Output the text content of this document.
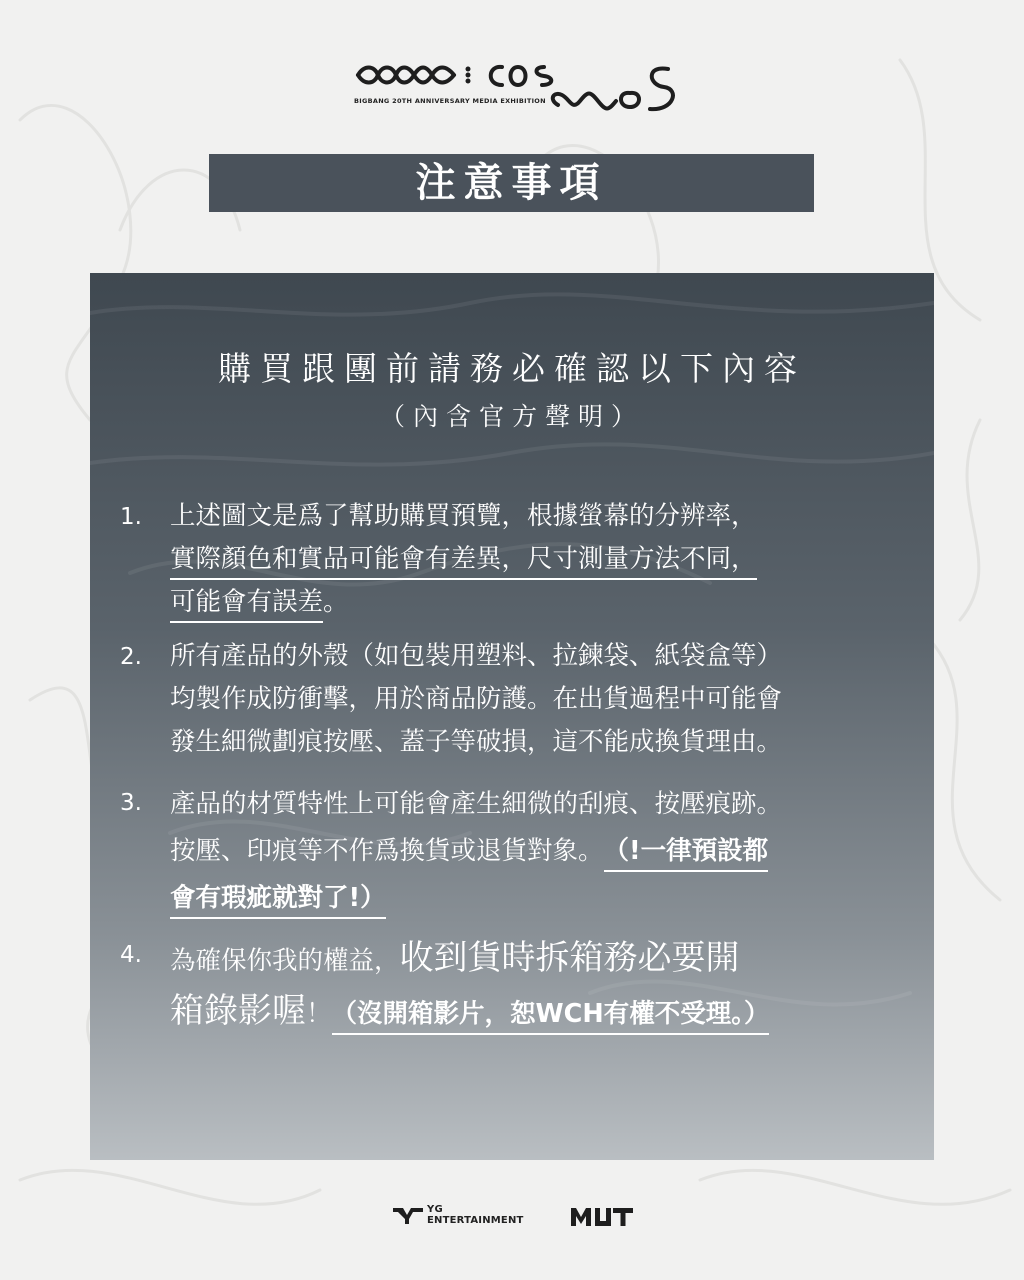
BIGBANG 20TH ANNIVERSARY MEDIA EXHIBITION
注意事項
購買跟團前請務必確認以下內容
（內含官方聲明）
1. 上述圖文是爲了幫助購買預覽，根據螢幕的分辨率，
實際顏色和實品可能會有差異，尺寸測量方法不同，
可能會有誤差。
2. 所有產品的外殼（如包裝用塑料、拉鍊袋、紙袋盒等）
均製作成防衝擊，用於商品防護。在出貨過程中可能會
發生細微劃痕按壓、蓋子等破損，這不能成換貨理由。
3. 產品的材質特性上可能會產生細微的刮痕、按壓痕跡。
按壓、印痕等不作爲換貨或退貨對象。（!一律預設都
會有瑕疵就對了!）
4. 為確保你我的權益，收到貨時拆箱務必要開
箱錄影喔！（沒開箱影片，恕WCH有權不受理。）
YG
ENTERTAINMENT
